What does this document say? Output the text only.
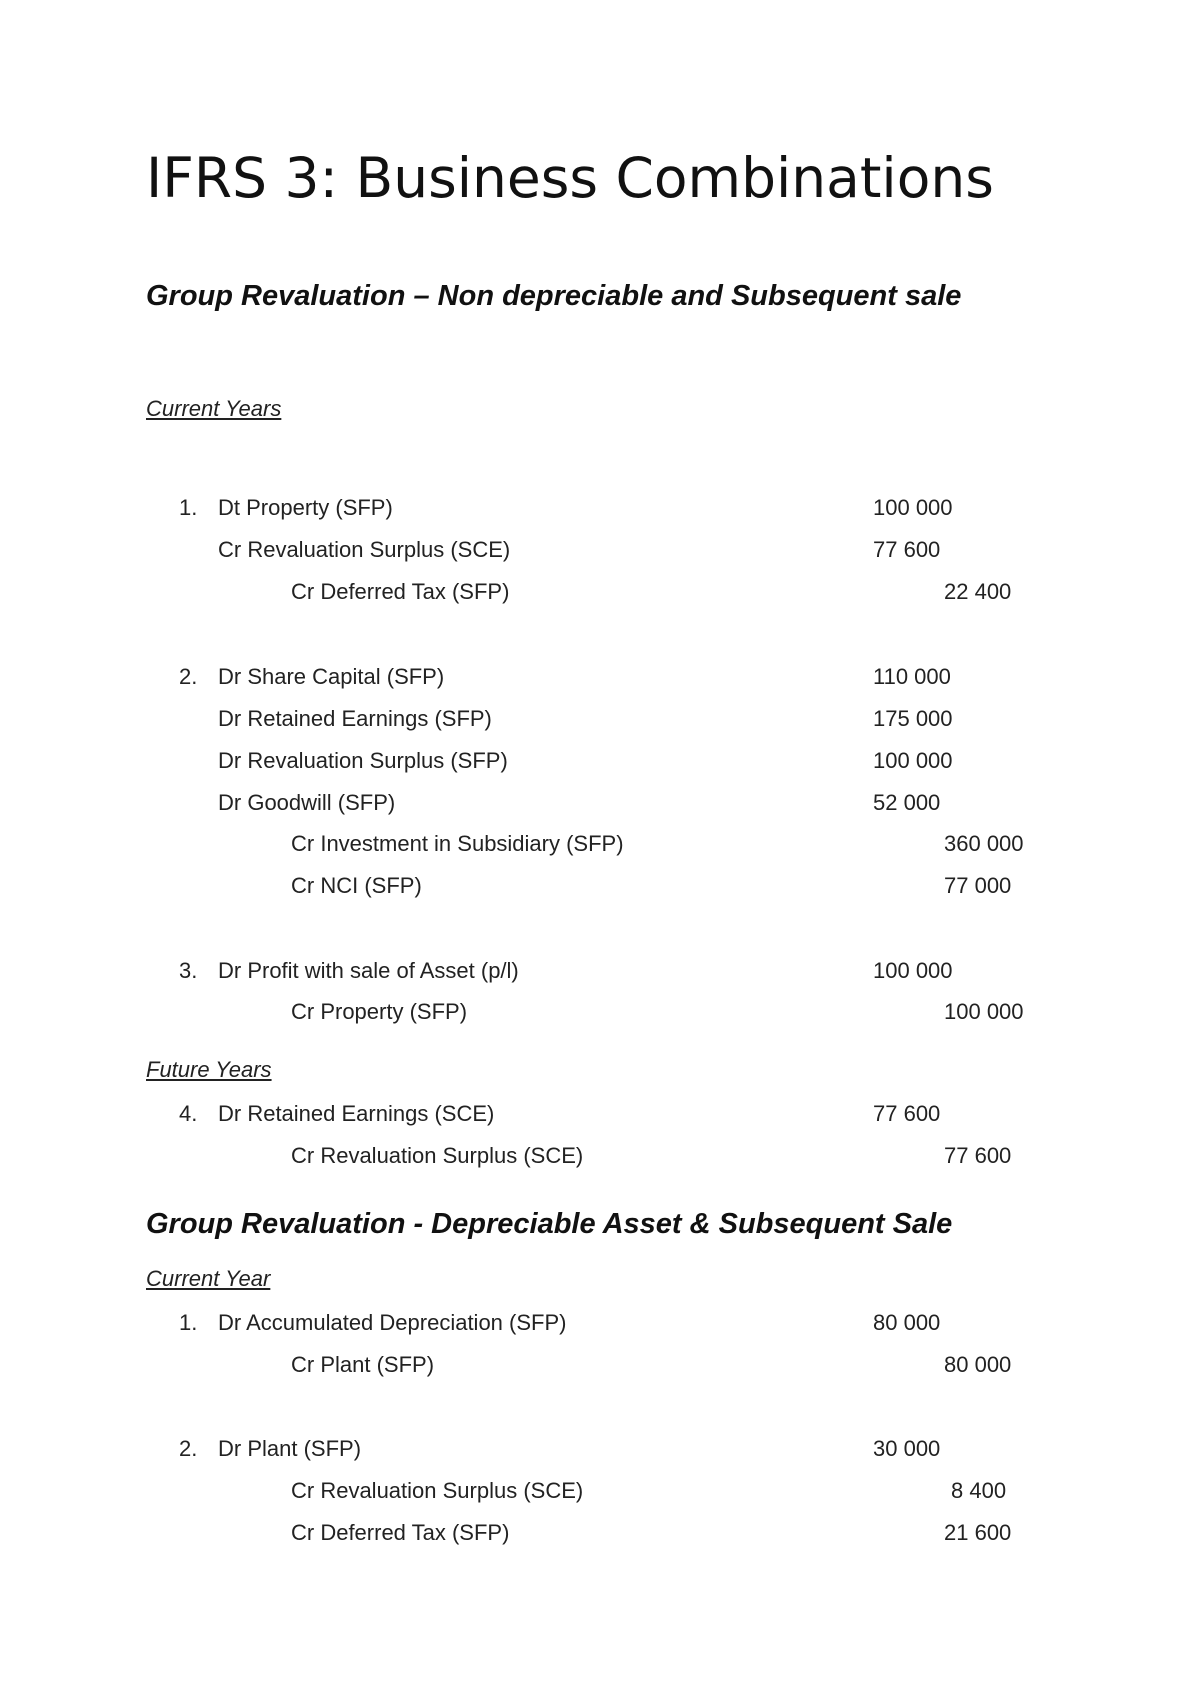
IFRS 3: Business Combinations
Group Revaluation – Non depreciable and Subsequent sale
Current Years
1. Dt Property (SFP)	100 000
Cr Revaluation Surplus (SCE)	77 600
Cr Deferred Tax (SFP)	22 400
2. Dr Share Capital (SFP)	110 000
Dr Retained Earnings (SFP)	175 000
Dr Revaluation Surplus (SFP)	100 000
Dr Goodwill (SFP)	52 000
Cr Investment in Subsidiary (SFP)	360 000
Cr NCI (SFP)	77 000
3. Dr Profit with sale of Asset (p/l)	100 000
Cr Property (SFP)	100 000
Future Years
4. Dr Retained Earnings (SCE)	77 600
Cr Revaluation Surplus (SCE)	77 600
Group Revaluation - Depreciable Asset & Subsequent Sale
Current Year
1. Dr Accumulated Depreciation (SFP)	80 000
Cr Plant (SFP)	80 000
2. Dr Plant (SFP)	30 000
Cr Revaluation Surplus (SCE)	8 400
Cr Deferred Tax (SFP)	21 600
